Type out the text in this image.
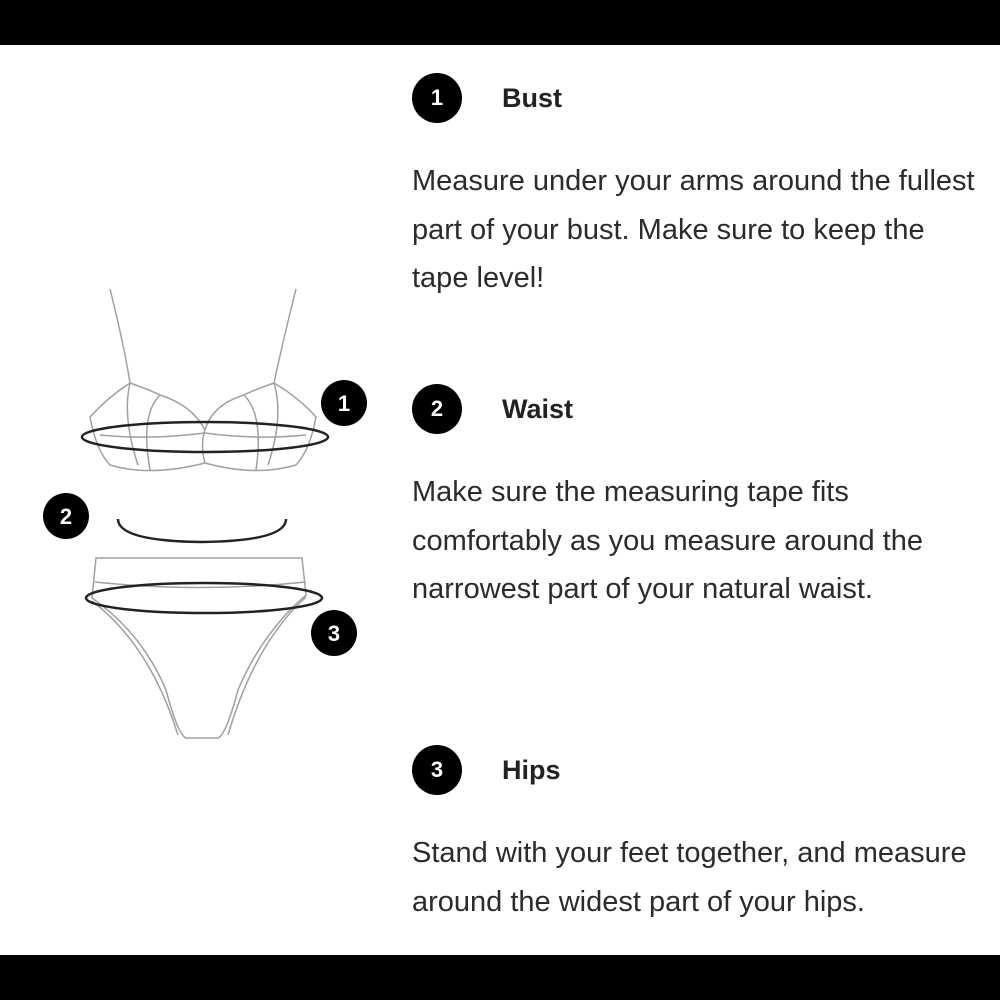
1
2
3
1	Bust
Measure under your arms around the fullest part of your bust. Make sure to keep the tape level!
2	Waist
Make sure the measuring tape fits comfortably as you measure around the narrowest part of your natural waist.
3	Hips
Stand with your feet together, and measure around the widest part of your hips.
